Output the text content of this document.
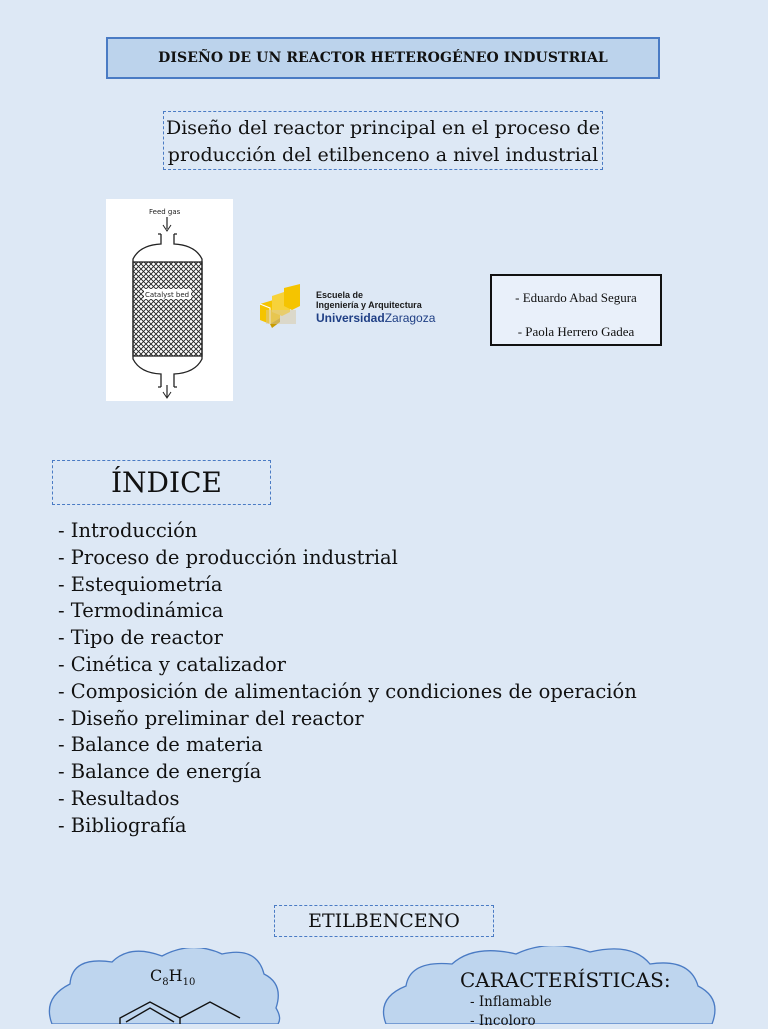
DISEÑO DE UN REACTOR HETEROGÉNEO INDUSTRIAL
Diseño del reactor principal en el proceso de
producción del etilbenceno a nivel industrial
Feed gas
Catalyst bed	Escuela de
Ingeniería y Arquitectura
UniversidadZaragoza
- Eduardo Abad Segura
- Paola Herrero Gadea
ÍNDICE
- Introducción
- Proceso de producción industrial
- Estequiometría
- Termodinámica
- Tipo de reactor
- Cinética y catalizador
- Composición de alimentación y condiciones de operación
- Diseño preliminar del reactor
- Balance de materia
- Balance de energía
- Resultados
- Bibliografía
ETILBENCENO
$C_8H_{10}$	CARACTERÍSTICAS:
- Inflamable
- Incoloro
